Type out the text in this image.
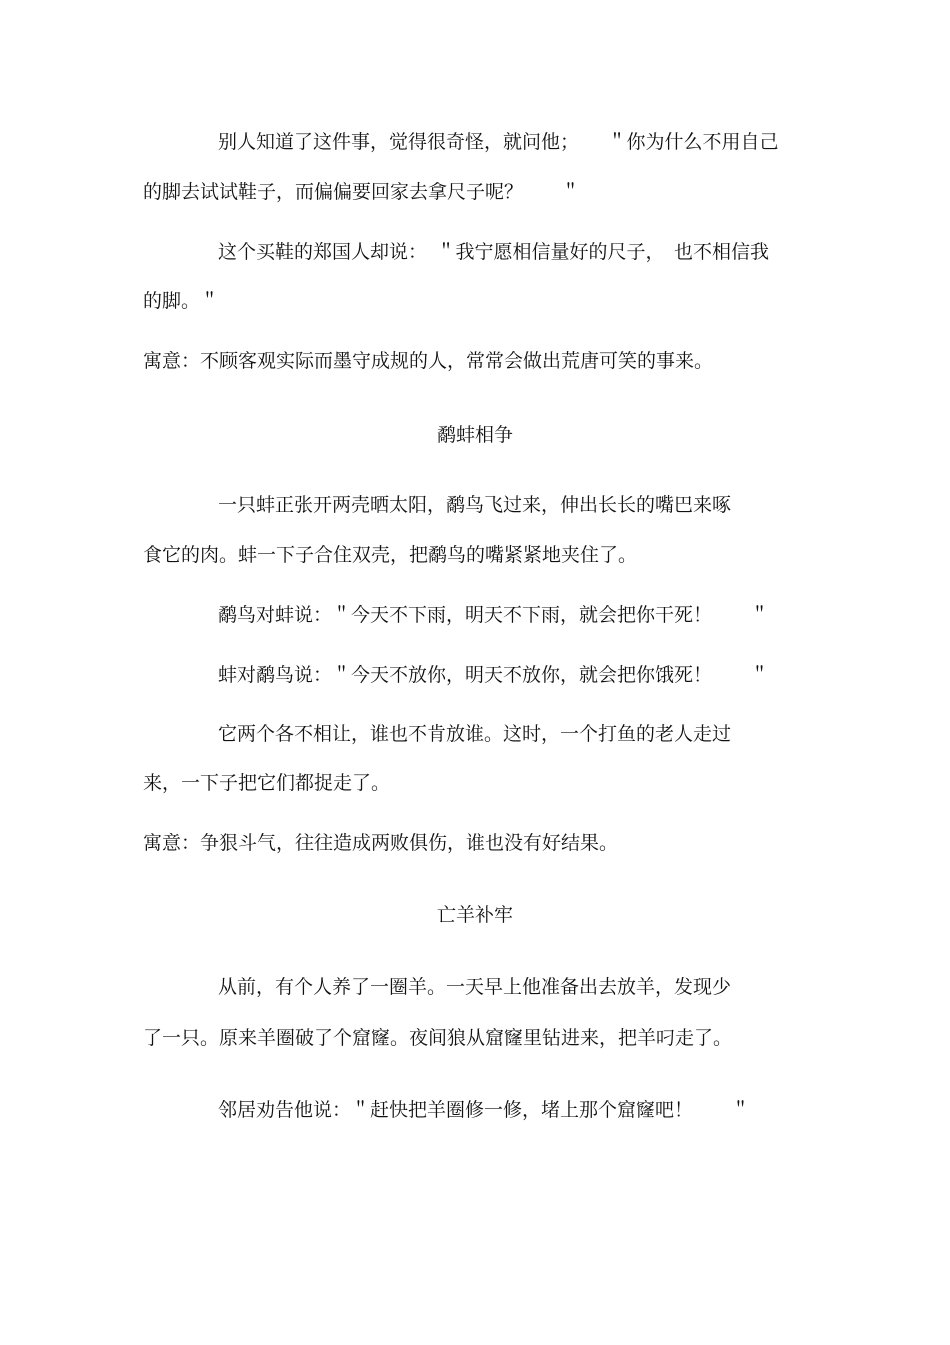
别人知道了这件事，觉得很奇怪，就问他；　　＂你为什么不用自己

的脚去试试鞋子，而偏偏要回家去拿尺子呢？　　＂

这个买鞋的郑国人却说：　＂我宁愿相信量好的尺子，　也不相信我

的脚。＂

寓意：不顾客观实际而墨守成规的人，常常会做出荒唐可笑的事来。

鹬蚌相争

一只蚌正张开两壳晒太阳，鹬鸟飞过来，伸出长长的嘴巴来啄

食它的肉。蚌一下子合住双壳，把鹬鸟的嘴紧紧地夹住了。

鹬鸟对蚌说：＂今天不下雨，明天不下雨，就会把你干死！　　＂

蚌对鹬鸟说：＂今天不放你，明天不放你，就会把你饿死！　　＂

它两个各不相让，谁也不肯放谁。这时，一个打鱼的老人走过

来，一下子把它们都捉走了。

寓意：争狠斗气，往往造成两败俱伤，谁也没有好结果。

亡羊补牢

从前，有个人养了一圈羊。一天早上他准备出去放羊，发现少

了一只。原来羊圈破了个窟窿。夜间狼从窟窿里钻进来，把羊叼走了。

邻居劝告他说：＂赶快把羊圈修一修，堵上那个窟窿吧！　　＂
